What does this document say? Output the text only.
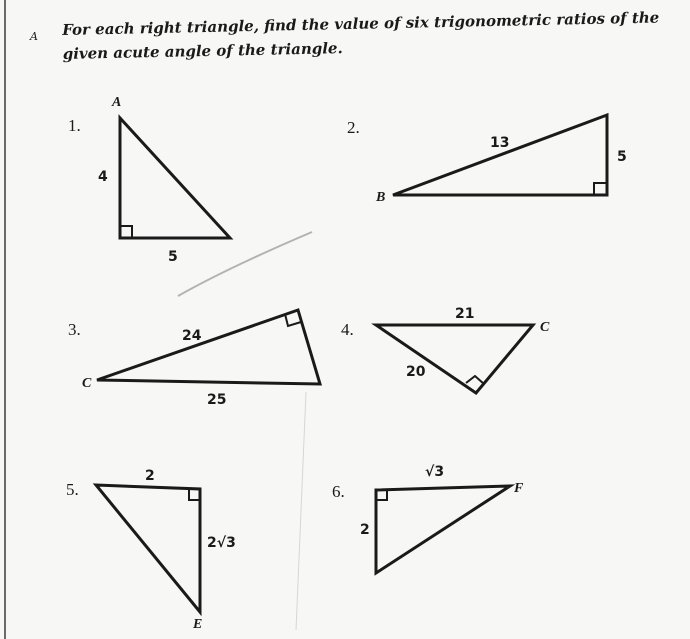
A For each right triangle, find the value of six trigonometric ratios of the
given acute angle of the triangle.
1.	2.
3.	4.
5.	6.
A
4
5
B
13
5
C
24
25
C
21
20
E
2
2√3
F
√3
2
